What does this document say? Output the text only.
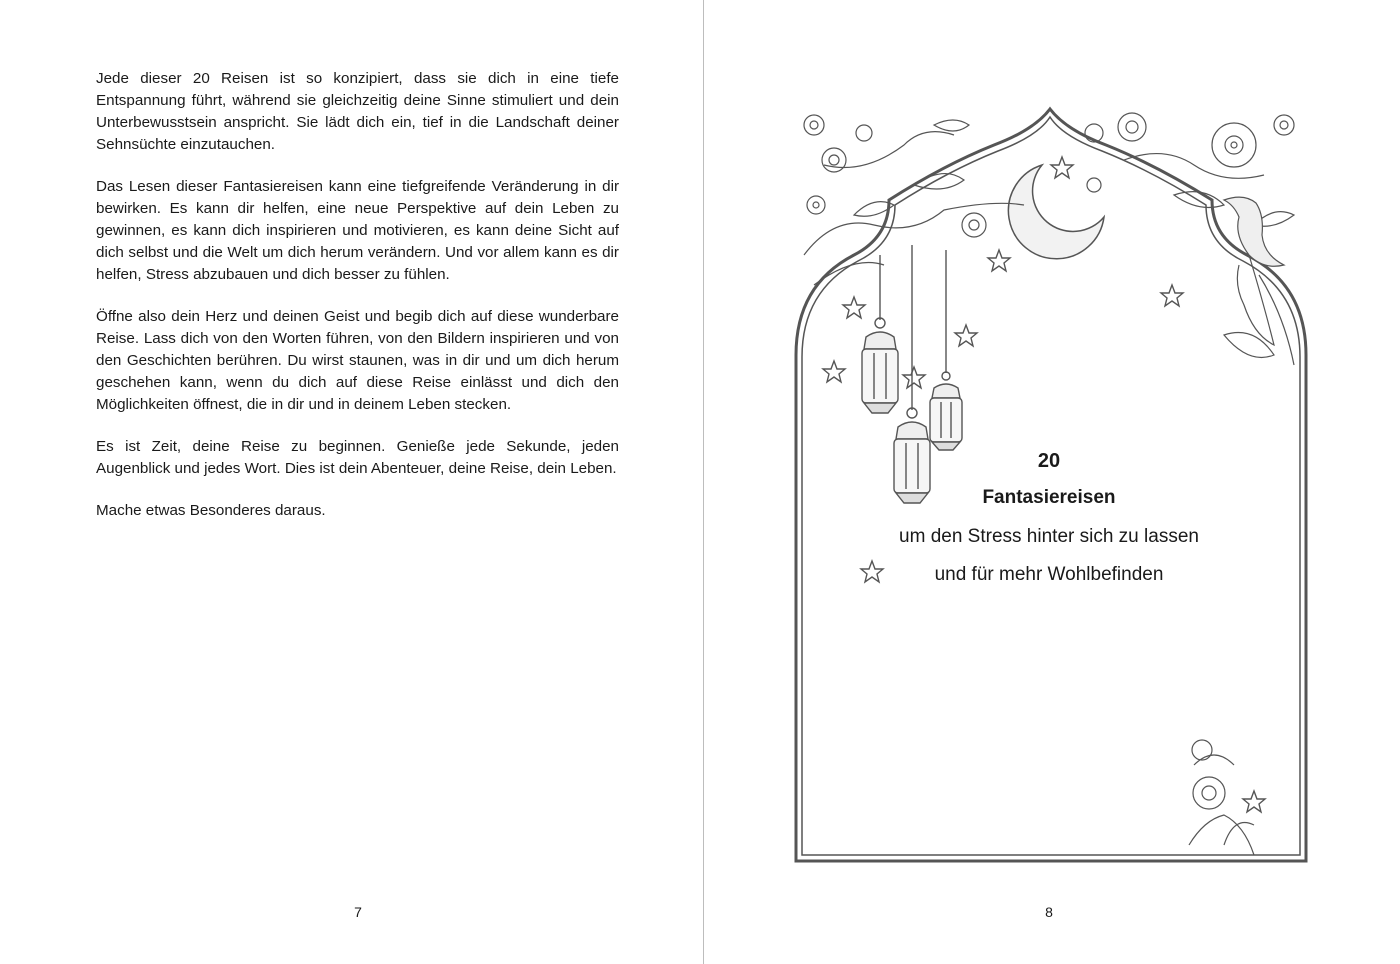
Jede dieser 20 Reisen ist so konzipiert, dass sie dich in eine tiefe Entspannung führt, während sie gleichzeitig deine Sinne stimuliert und dein Unterbewusstsein anspricht. Sie lädt dich ein, tief in die Landschaft deiner Sehnsüchte einzutauchen.

Das Lesen dieser Fantasiereisen kann eine tiefgreifende Veränderung in dir bewirken. Es kann dir helfen, eine neue Perspektive auf dein Leben zu gewinnen, es kann dich inspirieren und motivieren, es kann deine Sicht auf dich selbst und die Welt um dich herum verändern. Und vor allem kann es dir helfen, Stress abzubauen und dich besser zu fühlen.

Öffne also dein Herz und deinen Geist und begib dich auf diese wunderbare Reise. Lass dich von den Worten führen, von den Bildern inspirieren und von den Geschichten berühren. Du wirst staunen, was in dir und um dich herum geschehen kann, wenn du dich auf diese Reise einlässt und dich den Möglichkeiten öffnest, die in dir und in deinem Leben stecken.

Es ist Zeit, deine Reise zu beginnen. Genieße jede Sekunde, jeden Augenblick und jedes Wort. Dies ist dein Abenteuer, deine Reise, dein Leben.

Mache etwas Besonderes daraus.

7
20
Fantasiereisen
um den Stress hinter sich zu lassen
und für mehr Wohlbefinden
8
